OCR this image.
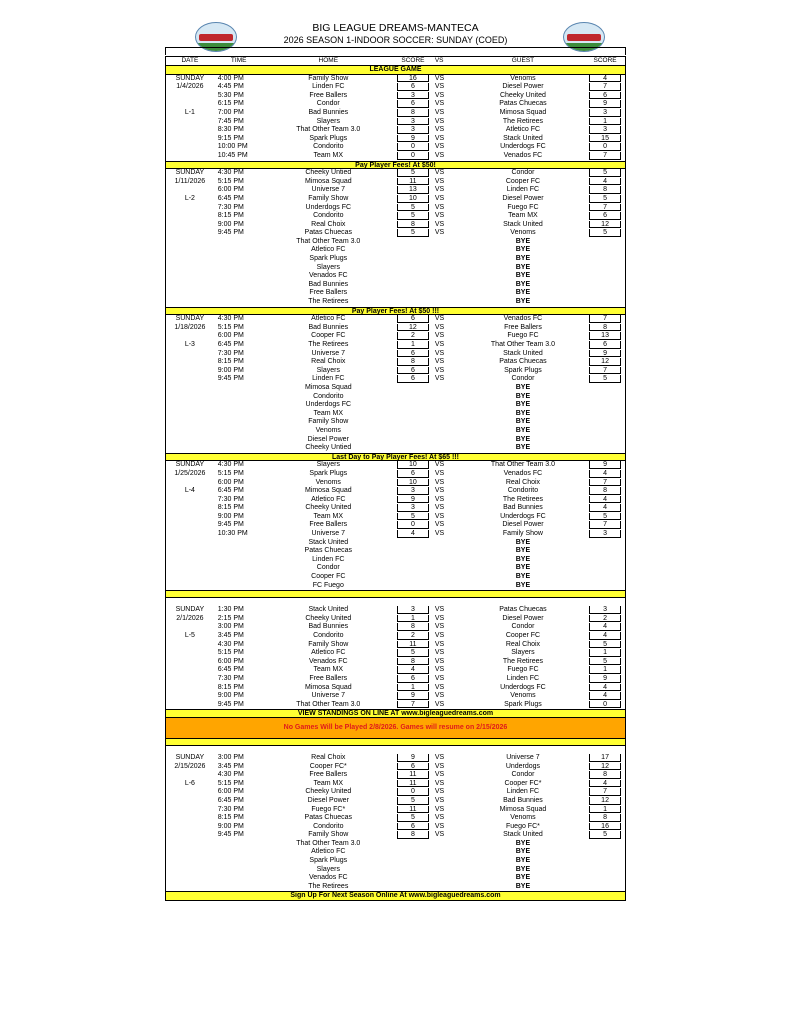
BIG LEAGUE DREAMS-MANTECA
2026 SEASON 1-INDOOR SOCCER: SUNDAY (COED)
DATE	TIME	HOME	SCORE	VS	GUEST	SCORE
LEAGUE GAME
SUNDAY	4:00 PM	Family Show	16	VS	Venoms	4
1/4/2026	4:45 PM	Linden FC	6	VS	Diesel Power	7
5:30 PM	Free Ballers	3	VS	Cheeky United	6
6:15 PM	Condor	6	VS	Patas Chuecas	9
L-1	7:00 PM	Bad Bunnies	8	VS	Mimosa Squad	3
7:45 PM	Slayers	3	VS	The Retirees	1
8:30 PM	That Other Team 3.0	3	VS	Atletico FC	3
9:15 PM	Spark Plugs	9	VS	Stack United	15
10:00 PM	Condorito	0	VS	Underdogs FC	0
10:45 PM	Team MX	0	VS	Venados FC	7
Pay Player Fees! At $50!
SUNDAY	4:30 PM	Cheeky Untied	5	VS	Condor	5
1/11/2026	5:15 PM	Mimosa Squad	11	VS	Cooper FC	4
6:00 PM	Universe 7	13	VS	Linden FC	8
L-2	6:45 PM	Family Show	10	VS	Diesel Power	5
7:30 PM	Underdogs FC	5	VS	Fuego FC	7
8:15 PM	Condorito	5	VS	Team MX	6
9:00 PM	Real Choix	8	VS	Stack United	12
9:45 PM	Patas Chuecas	5	VS	Venoms	5
That Other Team 3.0	BYE
Atletico FC	BYE
Spark Plugs	BYE
Slayers	BYE
Venados FC	BYE
Bad Bunnies	BYE
Free Ballers	BYE
The Retirees	BYE
Pay Player Fees! At $50 !!!
SUNDAY	4:30 PM	Atletico FC	6	VS	Venados FC	7
1/18/2026	5:15 PM	Bad Bunnies	12	VS	Free Ballers	8
6:00 PM	Cooper FC	2	VS	Fuego FC	13
L-3	6:45 PM	The Retirees	1	VS	That Other Team 3.0	6
7:30 PM	Universe 7	6	VS	Stack United	9
8:15 PM	Real Choix	8	VS	Patas Chuecas	12
9:00 PM	Slayers	6	VS	Spark Plugs	7
9:45 PM	Linden FC	6	VS	Condor	5
Mimosa Squad	BYE
Condorito	BYE
Underdogs FC	BYE
Team MX	BYE
Family Show	BYE
Venoms	BYE
Diesel Power	BYE
Cheeky Untied	BYE
Last Day to Pay Player Fees! At $65 !!!
SUNDAY	4:30 PM	Slayers	10	VS	That Other Team 3.0	9
1/25/2026	5:15 PM	Spark Plugs	6	VS	Venados FC	4
6:00 PM	Venoms	10	VS	Real Choix	7
L-4	6:45 PM	Mimosa Squad	3	VS	Condorito	8
7:30 PM	Atletico FC	9	VS	The Retirees	4
8:15 PM	Cheeky United	3	VS	Bad Bunnies	4
9:00 PM	Team MX	5	VS	Underdogs FC	5
9:45 PM	Free Ballers	0	VS	Diesel Power	7
10:30 PM	Universe 7	4	VS	Family Show	3
Stack United	BYE
Patas Chuecas	BYE
Linden FC	BYE
Condor	BYE
Cooper FC	BYE
FC Fuego	BYE
SUNDAY	1:30 PM	Stack United	3	VS	Patas Chuecas	3
2/1/2026	2:15 PM	Cheeky United	1	VS	Diesel Power	2
3:00 PM	Bad Bunnies	8	VS	Condor	4
L-5	3:45 PM	Condorito	2	VS	Cooper FC	4
4:30 PM	Family Show	11	VS	Real Choix	5
5:15 PM	Atletico FC	5	VS	Slayers	1
6:00 PM	Venados FC	8	VS	The Retirees	5
6:45 PM	Team MX	4	VS	Fuego FC	1
7:30 PM	Free Ballers	6	VS	Linden FC	9
8:15 PM	Mimosa Squad	1	VS	Underdogs FC	4
9:00 PM	Universe 7	9	VS	Venoms	4
9:45 PM	That Other Team 3.0	7	VS	Spark Plugs	0
VIEW STANDINGS ON LINE AT www.bigleaguedreams.com
No Games Will be Played 2/8/2026. Games will resume on 2/15/2026
SUNDAY	3:00 PM	Real Choix	9	VS	Universe 7	17
2/15/2026	3:45 PM	Cooper FC*	6	VS	Underdogs	12
4:30 PM	Free Ballers	11	VS	Condor	8
L-6	5:15 PM	Team MX	11	VS	Cooper FC*	4
6:00 PM	Cheeky United	0	VS	Linden FC	7
6:45 PM	Diesel Power	5	VS	Bad Bunnies	12
7:30 PM	Fuego FC*	11	VS	Mimosa Squad	1
8:15 PM	Patas Chuecas	5	VS	Venoms	8
9:00 PM	Condorito	6	VS	Fuego FC*	16
9:45 PM	Family Show	8	VS	Stack United	5
That Other Team 3.0	BYE
Atletico FC	BYE
Spark Plugs	BYE
Slayers	BYE
Venados FC	BYE
The Retirees	BYE
Sign Up For Next Season Online At www.bigleaguedreams.com
